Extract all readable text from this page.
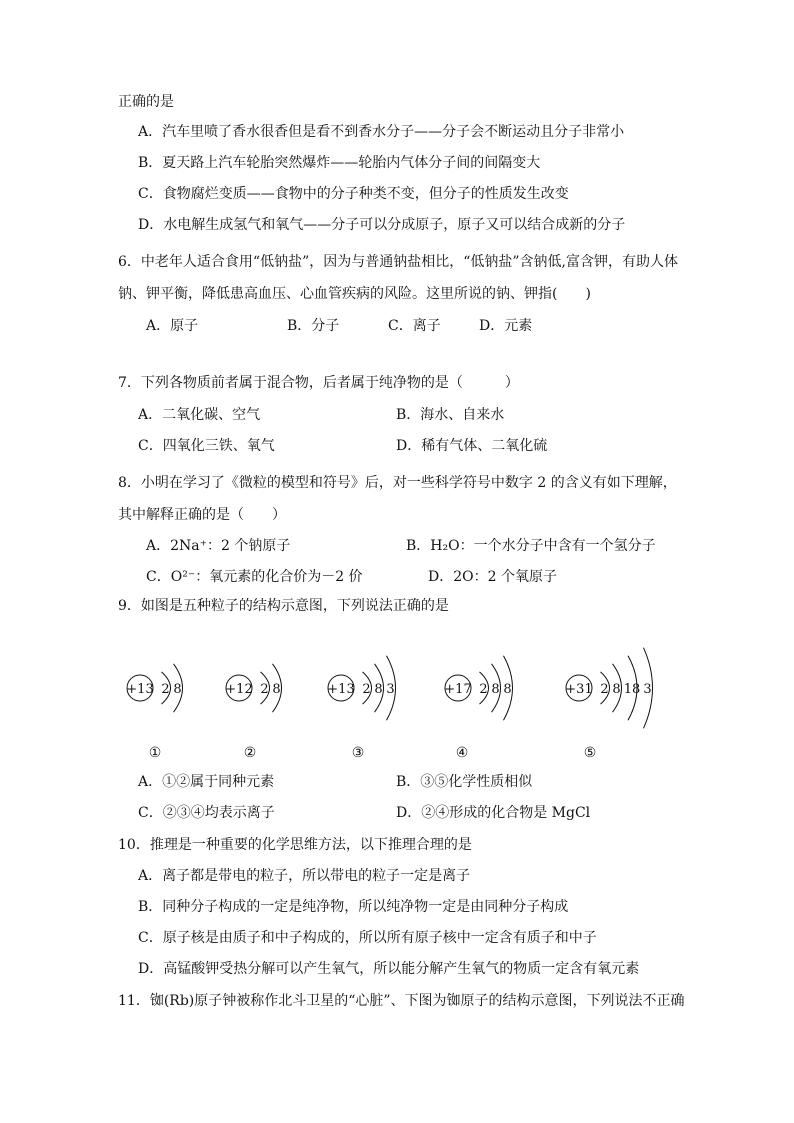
正确的是
A．汽车里喷了香水很香但是看不到香水分子——分子会不断运动且分子非常小
B．夏天路上汽车轮胎突然爆炸——轮胎内气体分子间的间隔变大
C．食物腐烂变质——食物中的分子种类不变，但分子的性质发生改变
D．水电解生成氢气和氧气——分子可以分成原子，原子又可以结合成新的分子
6．中老年人适合食用“低钠盐”，因为与普通钠盐相比，“低钠盐”含钠低,富含钾，有助人体
钠、钾平衡，降低患高血压、心血管疾病的风险。这里所说的钠、钾指(　　)
A．原子	B．分子	C．离子	D．元素
7．下列各物质前者属于混合物，后者属于纯净物的是（　　　）
A．二氧化碳、空气	B．海水、自来水
C．四氧化三铁、氧气	D．稀有气体、二氧化硫
8．小明在学习了《微粒的模型和符号》后，对一些科学符号中数字 2 的含义有如下理解，
其中解释正确的是（　　）
A．2Na⁺：2 个钠原子	B．H₂O：一个水分子中含有一个氢分子
C．O²⁻：氧元素的化合价为－2 价	D．2O：2 个氧原子
9．如图是五种粒子的结构示意图，下列说法正确的是
+13 2 8
①
+12 2 8
②
+13 2 8 3
③
+17 2 8 8
④
+31 2 8 18 3
⑤
A．①②属于同种元素	B．③⑤化学性质相似
C．②③④均表示离子	D．②④形成的化合物是 MgCl
10．推理是一种重要的化学思维方法，以下推理合理的是
A．离子都是带电的粒子，所以带电的粒子一定是离子
B．同种分子构成的一定是纯净物，所以纯净物一定是由同种分子构成
C．原子核是由质子和中子构成的，所以所有原子核中一定含有质子和中子
D．高锰酸钾受热分解可以产生氧气，所以能分解产生氧气的物质一定含有氧元素
11．铷(Rb)原子钟被称作北斗卫星的“心脏”、下图为铷原子的结构示意图，下列说法不正确
